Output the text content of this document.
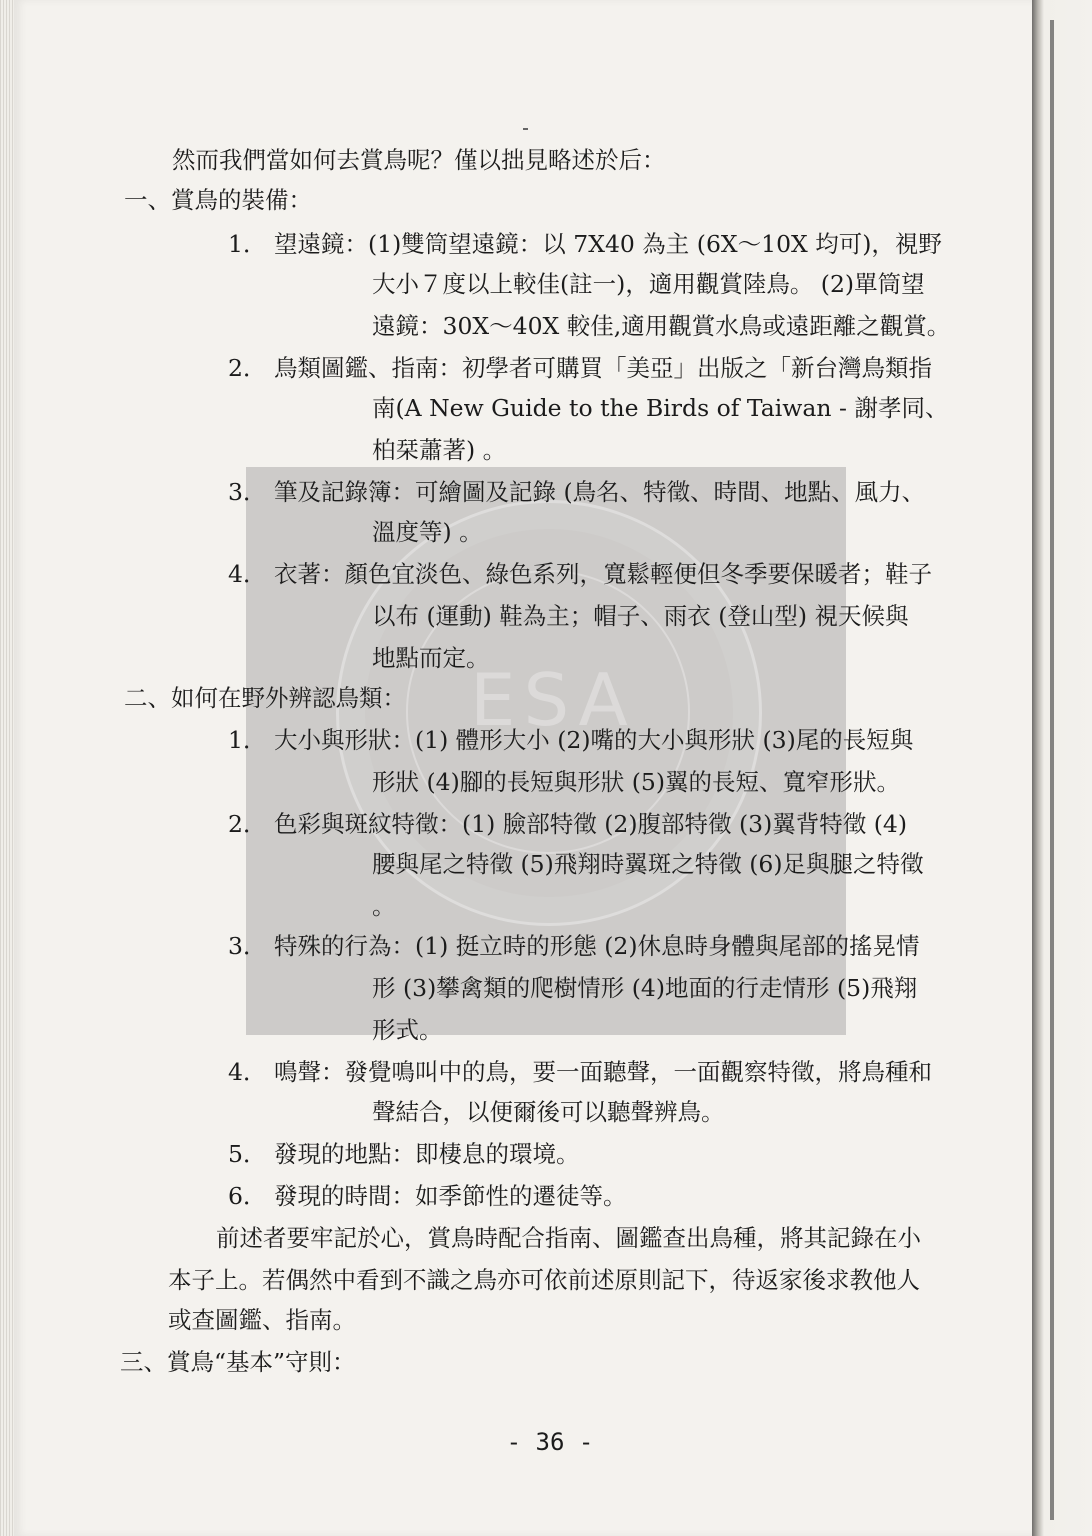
ESA
然而我們當如何去賞鳥呢？僅以拙見略述於后：
一、賞鳥的裝備：
1． 望遠鏡：(1)雙筒望遠鏡：以 7X40 為主 (6X～10X 均可)，視野
大小７度以上較佳(註一)，適用觀賞陸鳥。 (2)單筒望
遠鏡：30X～40X 較佳,適用觀賞水鳥或遠距離之觀賞。
2． 鳥類圖鑑、指南：初學者可購買「美亞」出版之「新台灣鳥類指
南(A New Guide to the Birds of Taiwan - 謝孝同、
柏栞蕭著) 。
3． 筆及記錄簿：可繪圖及記錄 (鳥名、特徵、時間、地點、風力、
溫度等) 。
4． 衣著：顏色宜淡色、綠色系列，寬鬆輕便但冬季要保暖者；鞋子
以布 (運動) 鞋為主；帽子、雨衣 (登山型) 視天候與
地點而定。
二、如何在野外辨認鳥類：
1． 大小與形狀：(1) 體形大小 (2)嘴的大小與形狀 (3)尾的長短與
形狀 (4)腳的長短與形狀 (5)翼的長短、寬窄形狀。
2． 色彩與斑紋特徵：(1) 臉部特徵 (2)腹部特徵 (3)翼背特徵 (4)
腰與尾之特徵 (5)飛翔時翼斑之特徵 (6)足與腿之特徵
。
3． 特殊的行為：(1) 挺立時的形態 (2)休息時身體與尾部的搖晃情
形 (3)攀禽類的爬樹情形 (4)地面的行走情形 (5)飛翔
形式。
4． 鳴聲：發覺鳴叫中的鳥，要一面聽聲，一面觀察特徵，將鳥種和
聲結合，以便爾後可以聽聲辨鳥。
5． 發現的地點：即棲息的環境。
6． 發現的時間：如季節性的遷徒等。
前述者要牢記於心，賞鳥時配合指南、圖鑑查出鳥種，將其記錄在小
本子上。若偶然中看到不識之鳥亦可依前述原則記下，待返家後求教他人
或查圖鑑、指南。
三、賞鳥“基本”守則：
- 36 -
